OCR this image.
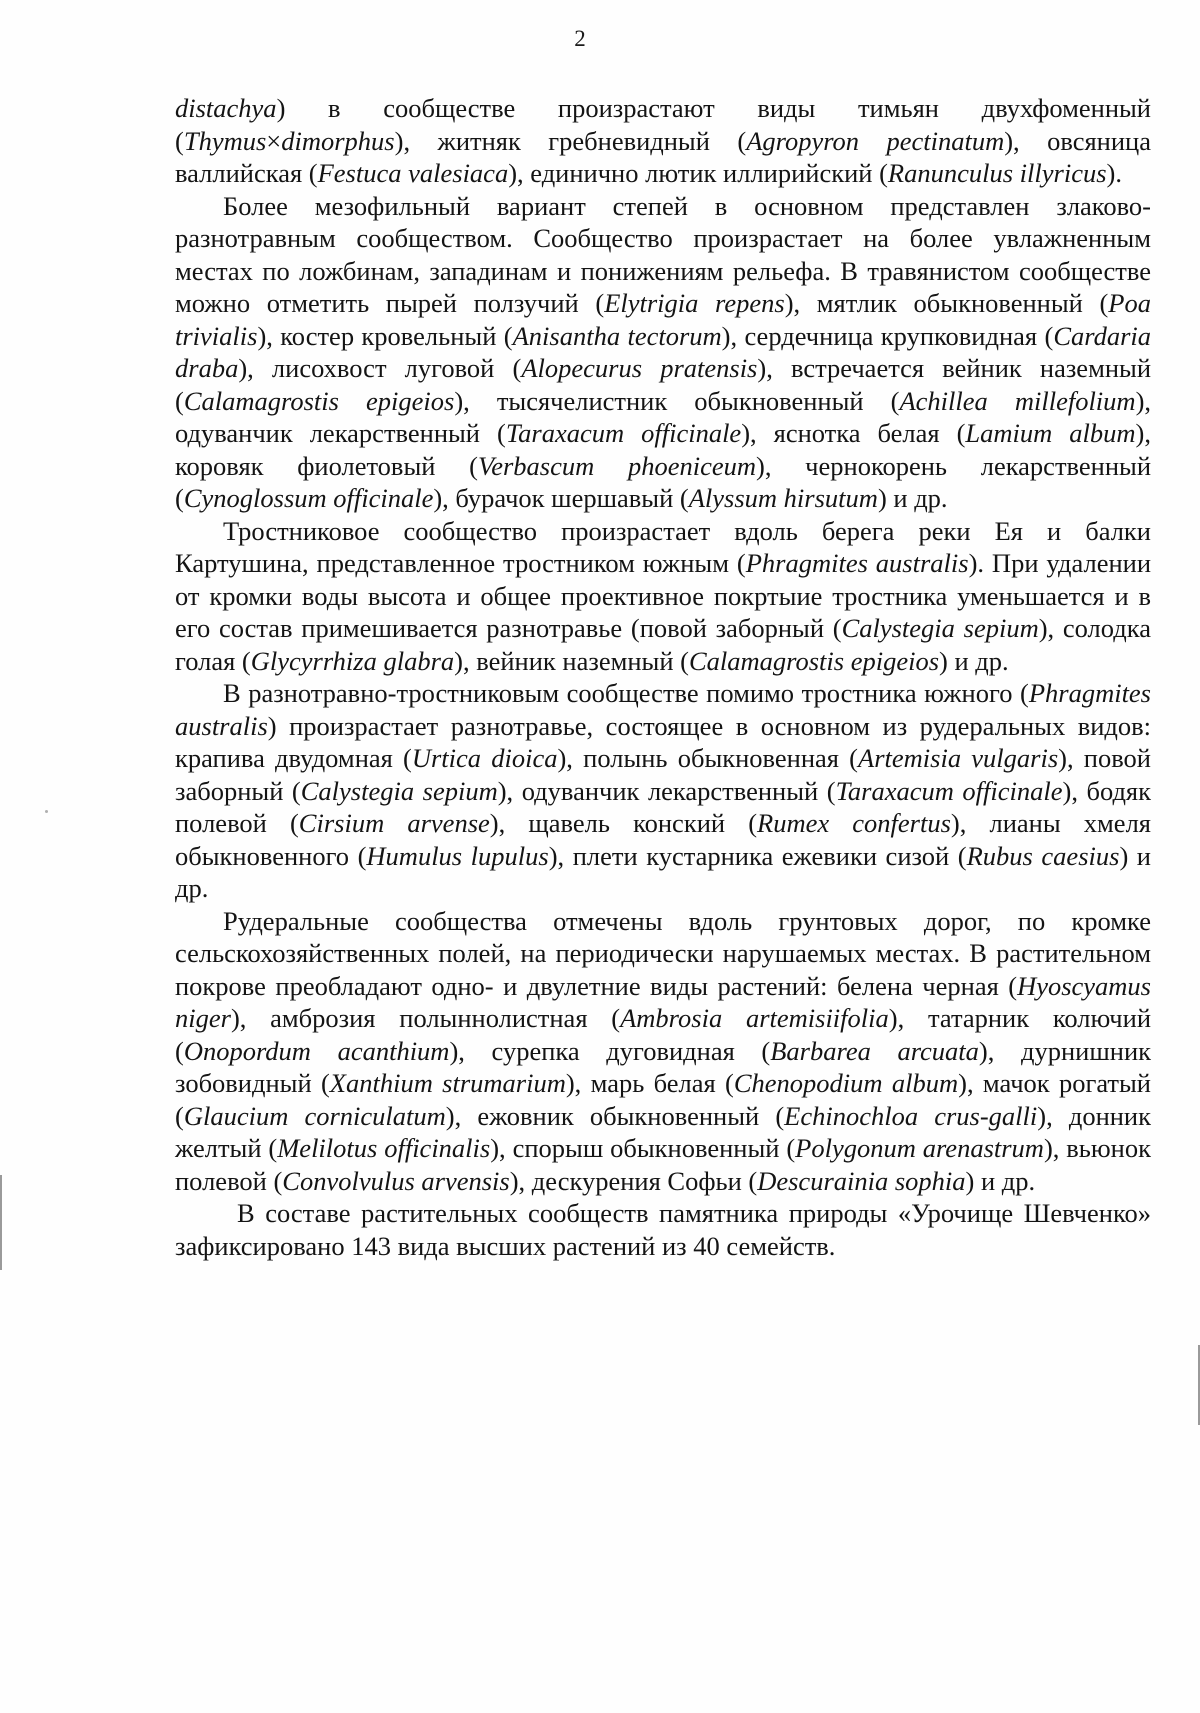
2

distachya) в сообществе произрастают виды тимьян двухфоменный (Thymus×dimorphus), житняк гребневидный (Agropyron pectinatum), овсяница валлийская (Festuca valesiaca), единично лютик иллирийский (Ranunculus illyricus).

Более мезофильный вариант степей в основном представлен злаково-разнотравным сообществом. Сообщество произрастает на более увлажненным местах по ложбинам, западинам и понижениям рельефа. В травянистом сообществе можно отметить пырей ползучий (Elytrigia repens), мятлик обыкновенный (Poa trivialis), костер кровельный (Anisantha tectorum), сердечница крупковидная (Cardaria draba), лисохвост луговой (Alopecurus pratensis), встречается вейник наземный (Calamagrostis epigeios), тысячелистник обыкновенный (Achillea millefolium), одуванчик лекарственный (Taraxacum officinale), яснотка белая (Lamium album), коровяк фиолетовый (Verbascum phoeniceum), чернокорень лекарственный (Cynoglossum officinale), бурачок шершавый (Alyssum hirsutum) и др.

Тростниковое сообщество произрастает вдоль берега реки Ея и балки Картушина, представленное тростником южным (Phragmites australis). При удалении от кромки воды высота и общее проективное покртыие тростника уменьшается и в его состав примешивается разнотравье (повой заборный (Calystegia sepium), солодка голая (Glycyrrhiza glabra), вейник наземный (Calamagrostis epigeios) и др.

В разнотравно-тростниковым сообществе помимо тростника южного (Phragmites australis) произрастает разнотравье, состоящее в основном из рудеральных видов: крапива двудомная (Urtica dioica), полынь обыкновенная (Artemisia vulgaris), повой заборный (Calystegia sepium), одуванчик лекарственный (Taraxacum officinale), бодяк полевой (Cirsium arvense), щавель конский (Rumex confertus), лианы хмеля обыкновенного (Humulus lupulus), плети кустарника ежевики сизой (Rubus caesius) и др.

Рудеральные сообщества отмечены вдоль грунтовых дорог, по кромке сельскохозяйственных полей, на периодически нарушаемых местах. В растительном покрове преобладают одно- и двулетние виды растений: белена черная (Hyoscyamus niger), амброзия полыннолистная (Ambrosia artemisiifolia), татарник колючий (Onopordum acanthium), сурепка дуговидная (Barbarea arcuata), дурнишник зобовидный (Xanthium strumarium), марь белая (Chenopodium album), мачок рогатый (Glaucium corniculatum), ежовник обыкновенный (Echinochloa crus-galli), донник желтый (Melilotus officinalis), спорыш обыкновенный (Polygonum arenastrum), вьюнок полевой (Convolvulus arvensis), дескурения Софьи (Descurainia sophia) и др.

В составе растительных сообществ памятника природы «Урочище Шевченко» зафиксировано 143 вида высших растений из 40 семейств.
